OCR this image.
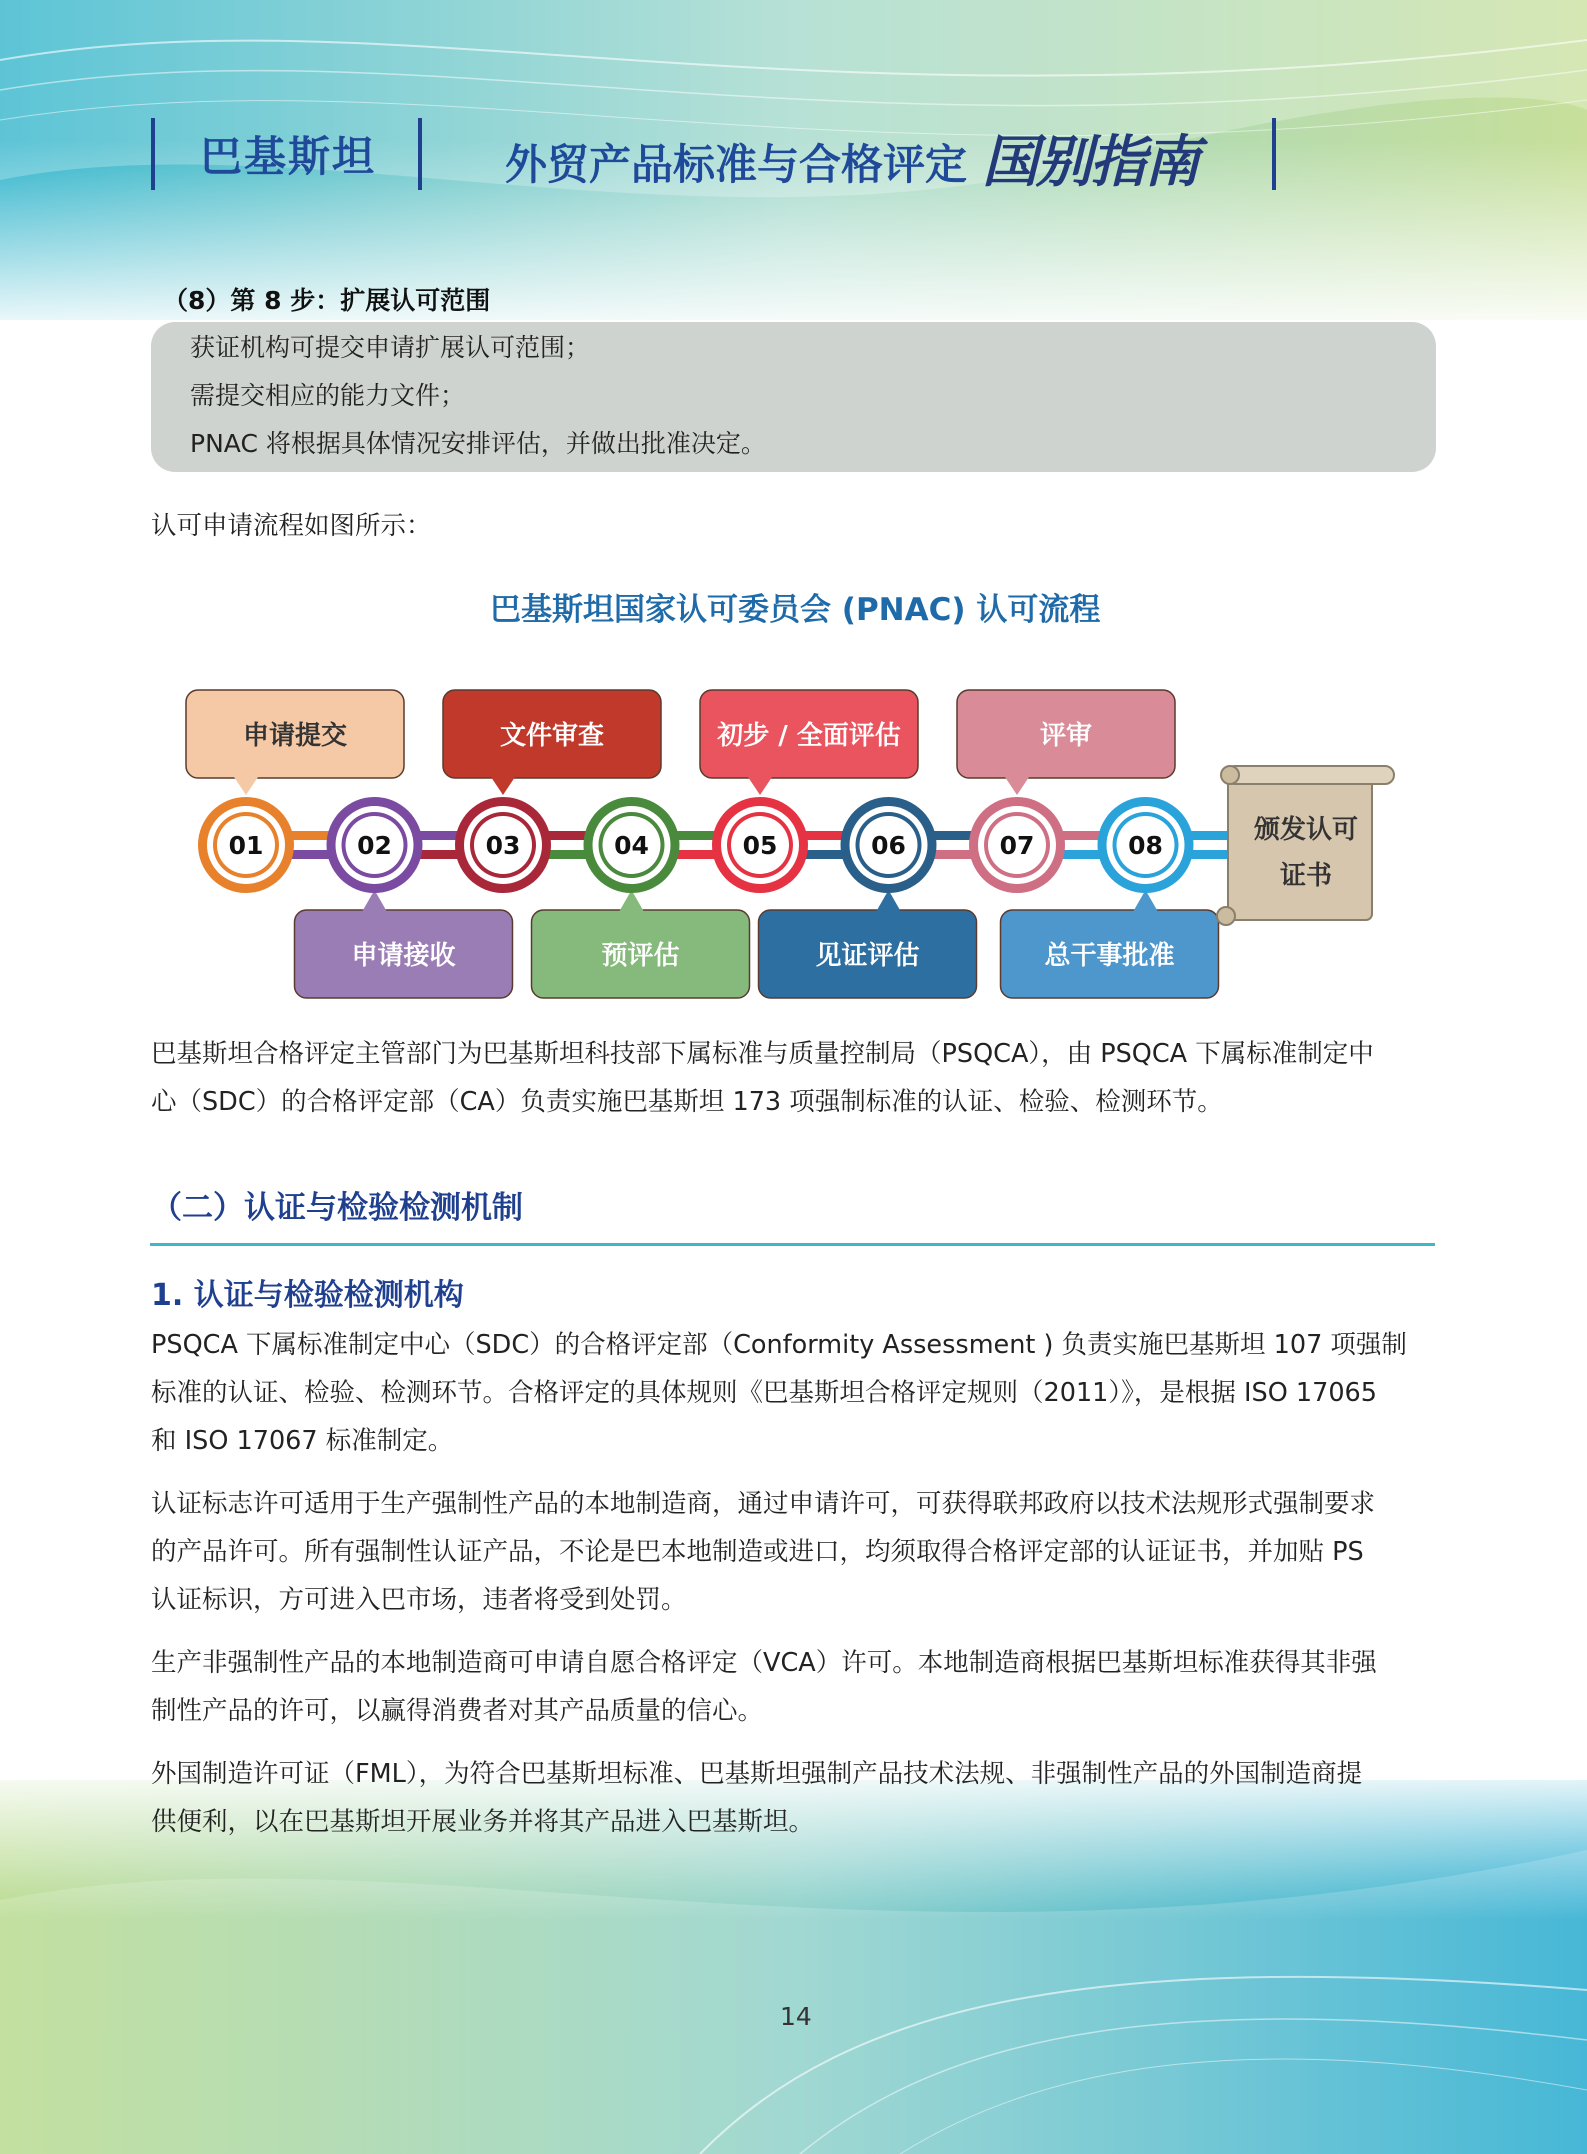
巴基斯坦	外贸产品标准与合格评定 国别指南
（8）第 8 步：扩展认可范围
获证机构可提交申请扩展认可范围；
需提交相应的能力文件；
PNAC 将根据具体情况安排评估，并做出批准决定。
认可申请流程如图所示：
巴基斯坦国家认可委员会 (PNAC) 认可流程
申请提交
申请接收
文件审查
预评估
初步 / 全面评估
见证评估
评审
总干事批准
01	02	03	04	05	06	07	08
颁发认可
证书
巴基斯坦合格评定主管部门为巴基斯坦科技部下属标准与质量控制局（PSQCA），由 PSQCA 下属标准制定中
心（SDC）的合格评定部（CA）负责实施巴基斯坦 173 项强制标准的认证、检验、检测环节。
（二）认证与检验检测机制
1. 认证与检验检测机构
PSQCA 下属标准制定中心（SDC）的合格评定部（Conformity Assessment ) 负责实施巴基斯坦 107 项强制
标准的认证、检验、检测环节。合格评定的具体规则《巴基斯坦合格评定规则（2011）》，是根据 ISO 17065
和 ISO 17067 标准制定。
认证标志许可适用于生产强制性产品的本地制造商，通过申请许可，可获得联邦政府以技术法规形式强制要求
的产品许可。所有强制性认证产品，不论是巴本地制造或进口，均须取得合格评定部的认证证书，并加贴 PS
认证标识，方可进入巴市场，违者将受到处罚。
生产非强制性产品的本地制造商可申请自愿合格评定（VCA）许可。本地制造商根据巴基斯坦标准获得其非强
制性产品的许可，以赢得消费者对其产品质量的信心。
外国制造许可证（FML），为符合巴基斯坦标准、巴基斯坦强制产品技术法规、非强制性产品的外国制造商提
供便利，以在巴基斯坦开展业务并将其产品进入巴基斯坦。
14
